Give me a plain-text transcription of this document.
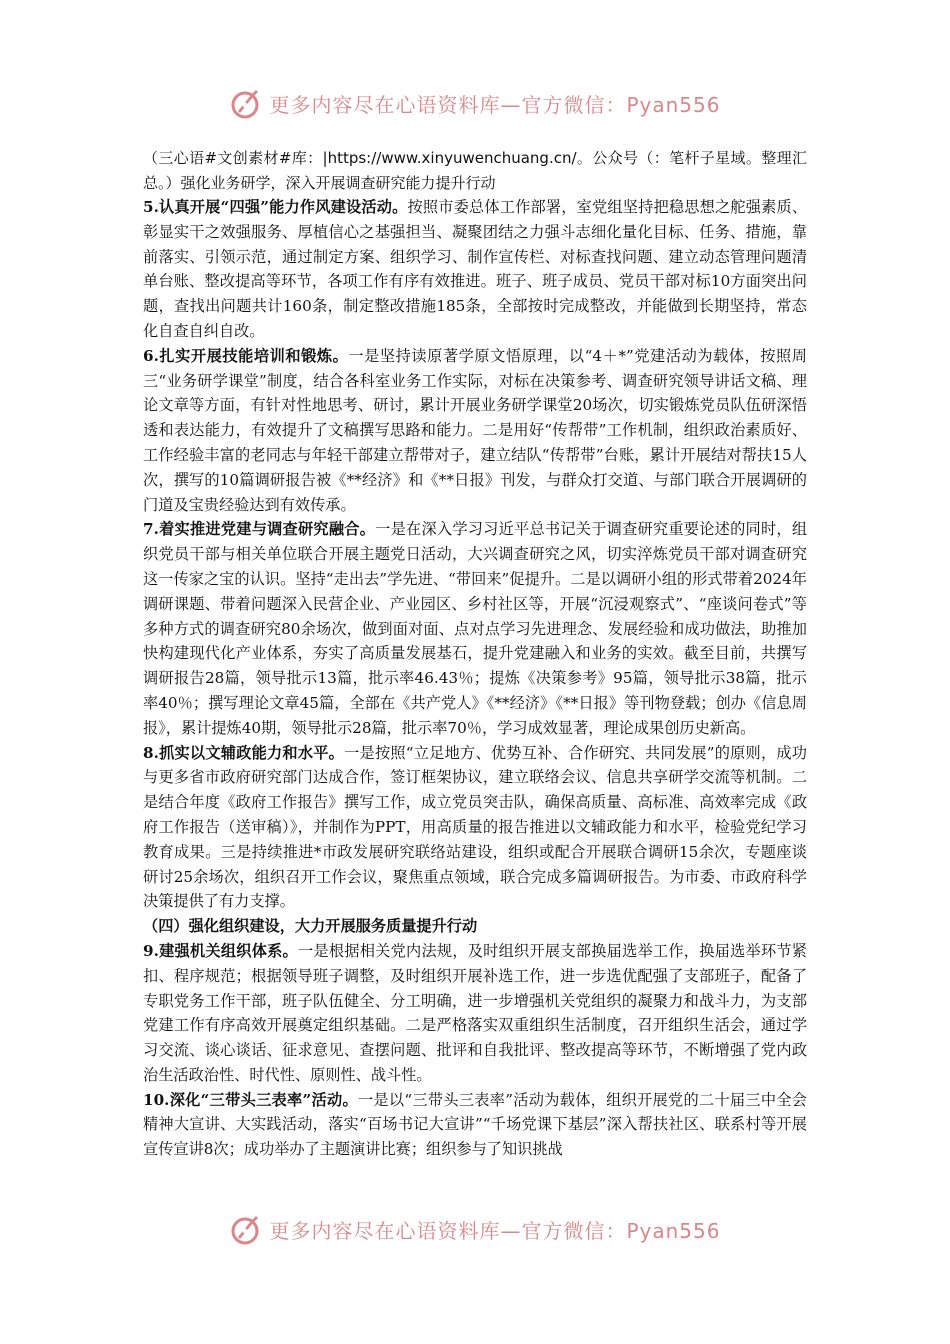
更多内容尽在心语资料库—官方微信：Pyan556

（三心语#文创素材#库：|https://www.xinyuwenchuang.cn/。公众号（：笔杆子星域。整理汇总。）强化业务研学，深入开展调查研究能力提升行动

5.认真开展“四强”能力作风建设活动。按照市委总体工作部署，室党组坚持把稳思想之舵强素质、彰显实干之效强服务、厚植信心之基强担当、凝聚团结之力强斗志细化量化目标、任务、措施，靠前落实、引领示范，通过制定方案、组织学习、制作宣传栏、对标查找问题、建立动态管理问题清单台账、整改提高等环节，各项工作有序有效推进。班子、班子成员、党员干部对标10方面突出问题，查找出问题共计160条，制定整改措施185条，全部按时完成整改，并能做到长期坚持，常态化自查自纠自改。

6.扎实开展技能培训和锻炼。一是坚持读原著学原文悟原理，以“4＋*”党建活动为载体，按照周三“业务研学课堂”制度，结合各科室业务工作实际，对标在决策参考、调查研究领导讲话文稿、理论文章等方面，有针对性地思考、研讨，累计开展业务研学课堂20场次，切实锻炼党员队伍研深悟透和表达能力，有效提升了文稿撰写思路和能力。二是用好“传帮带”工作机制，组织政治素质好、工作经验丰富的老同志与年轻干部建立帮带对子，建立结队“传帮带”台账，累计开展结对帮扶15人次，撰写的10篇调研报告被《**经济》和《**日报》刊发，与群众打交道、与部门联合开展调研的门道及宝贵经验达到有效传承。

7.着实推进党建与调查研究融合。一是在深入学习习近平总书记关于调查研究重要论述的同时，组织党员干部与相关单位联合开展主题党日活动，大兴调查研究之风，切实淬炼党员干部对调查研究这一传家之宝的认识。坚持“走出去”学先进、“带回来”促提升。二是以调研小组的形式带着2024年调研课题、带着问题深入民营企业、产业园区、乡村社区等，开展“沉浸观察式”、“座谈问卷式”等多种方式的调查研究80余场次，做到面对面、点对点学习先进理念、发展经验和成功做法，助推加快构建现代化产业体系，夯实了高质量发展基石，提升党建融入和业务的实效。截至目前，共撰写调研报告28篇，领导批示13篇，批示率46.43％；提炼《决策参考》95篇，领导批示38篇，批示率40％；撰写理论文章45篇，全部在《共产党人》《**经济》《**日报》等刊物登载；创办《信息周报》，累计提炼40期，领导批示28篇，批示率70％，学习成效显著，理论成果创历史新高。

8.抓实以文辅政能力和水平。一是按照“立足地方、优势互补、合作研究、共同发展”的原则，成功与更多省市政府研究部门达成合作，签订框架协议，建立联络会议、信息共享研学交流等机制。二是结合年度《政府工作报告》撰写工作，成立党员突击队，确保高质量、高标准、高效率完成《政府工作报告（送审稿）》，并制作为PPT，用高质量的报告推进以文辅政能力和水平，检验党纪学习教育成果。三是持续推进*市政发展研究联络站建设，组织或配合开展联合调研15余次，专题座谈研讨25余场次，组织召开工作会议，聚焦重点领域，联合完成多篇调研报告。为市委、市政府科学决策提供了有力支撑。

（四）强化组织建设，大力开展服务质量提升行动

9.建强机关组织体系。一是根据相关党内法规，及时组织开展支部换届选举工作，换届选举环节紧扣、程序规范；根据领导班子调整，及时组织开展补选工作，进一步选优配强了支部班子，配备了专职党务工作干部，班子队伍健全、分工明确，进一步增强机关党组织的凝聚力和战斗力，为支部党建工作有序高效开展奠定组织基础。二是严格落实双重组织生活制度，召开组织生活会，通过学习交流、谈心谈话、征求意见、查摆问题、批评和自我批评、整改提高等环节，不断增强了党内政治生活政治性、时代性、原则性、战斗性。

10.深化“三带头三表率”活动。一是以“三带头三表率”活动为载体，组织开展党的二十届三中全会精神大宣讲、大实践活动，落实“百场书记大宣讲”“千场党课下基层”深入帮扶社区、联系村等开展宣传宣讲8次；成功举办了主题演讲比赛；组织参与了知识挑战

更多内容尽在心语资料库—官方微信：Pyan556
